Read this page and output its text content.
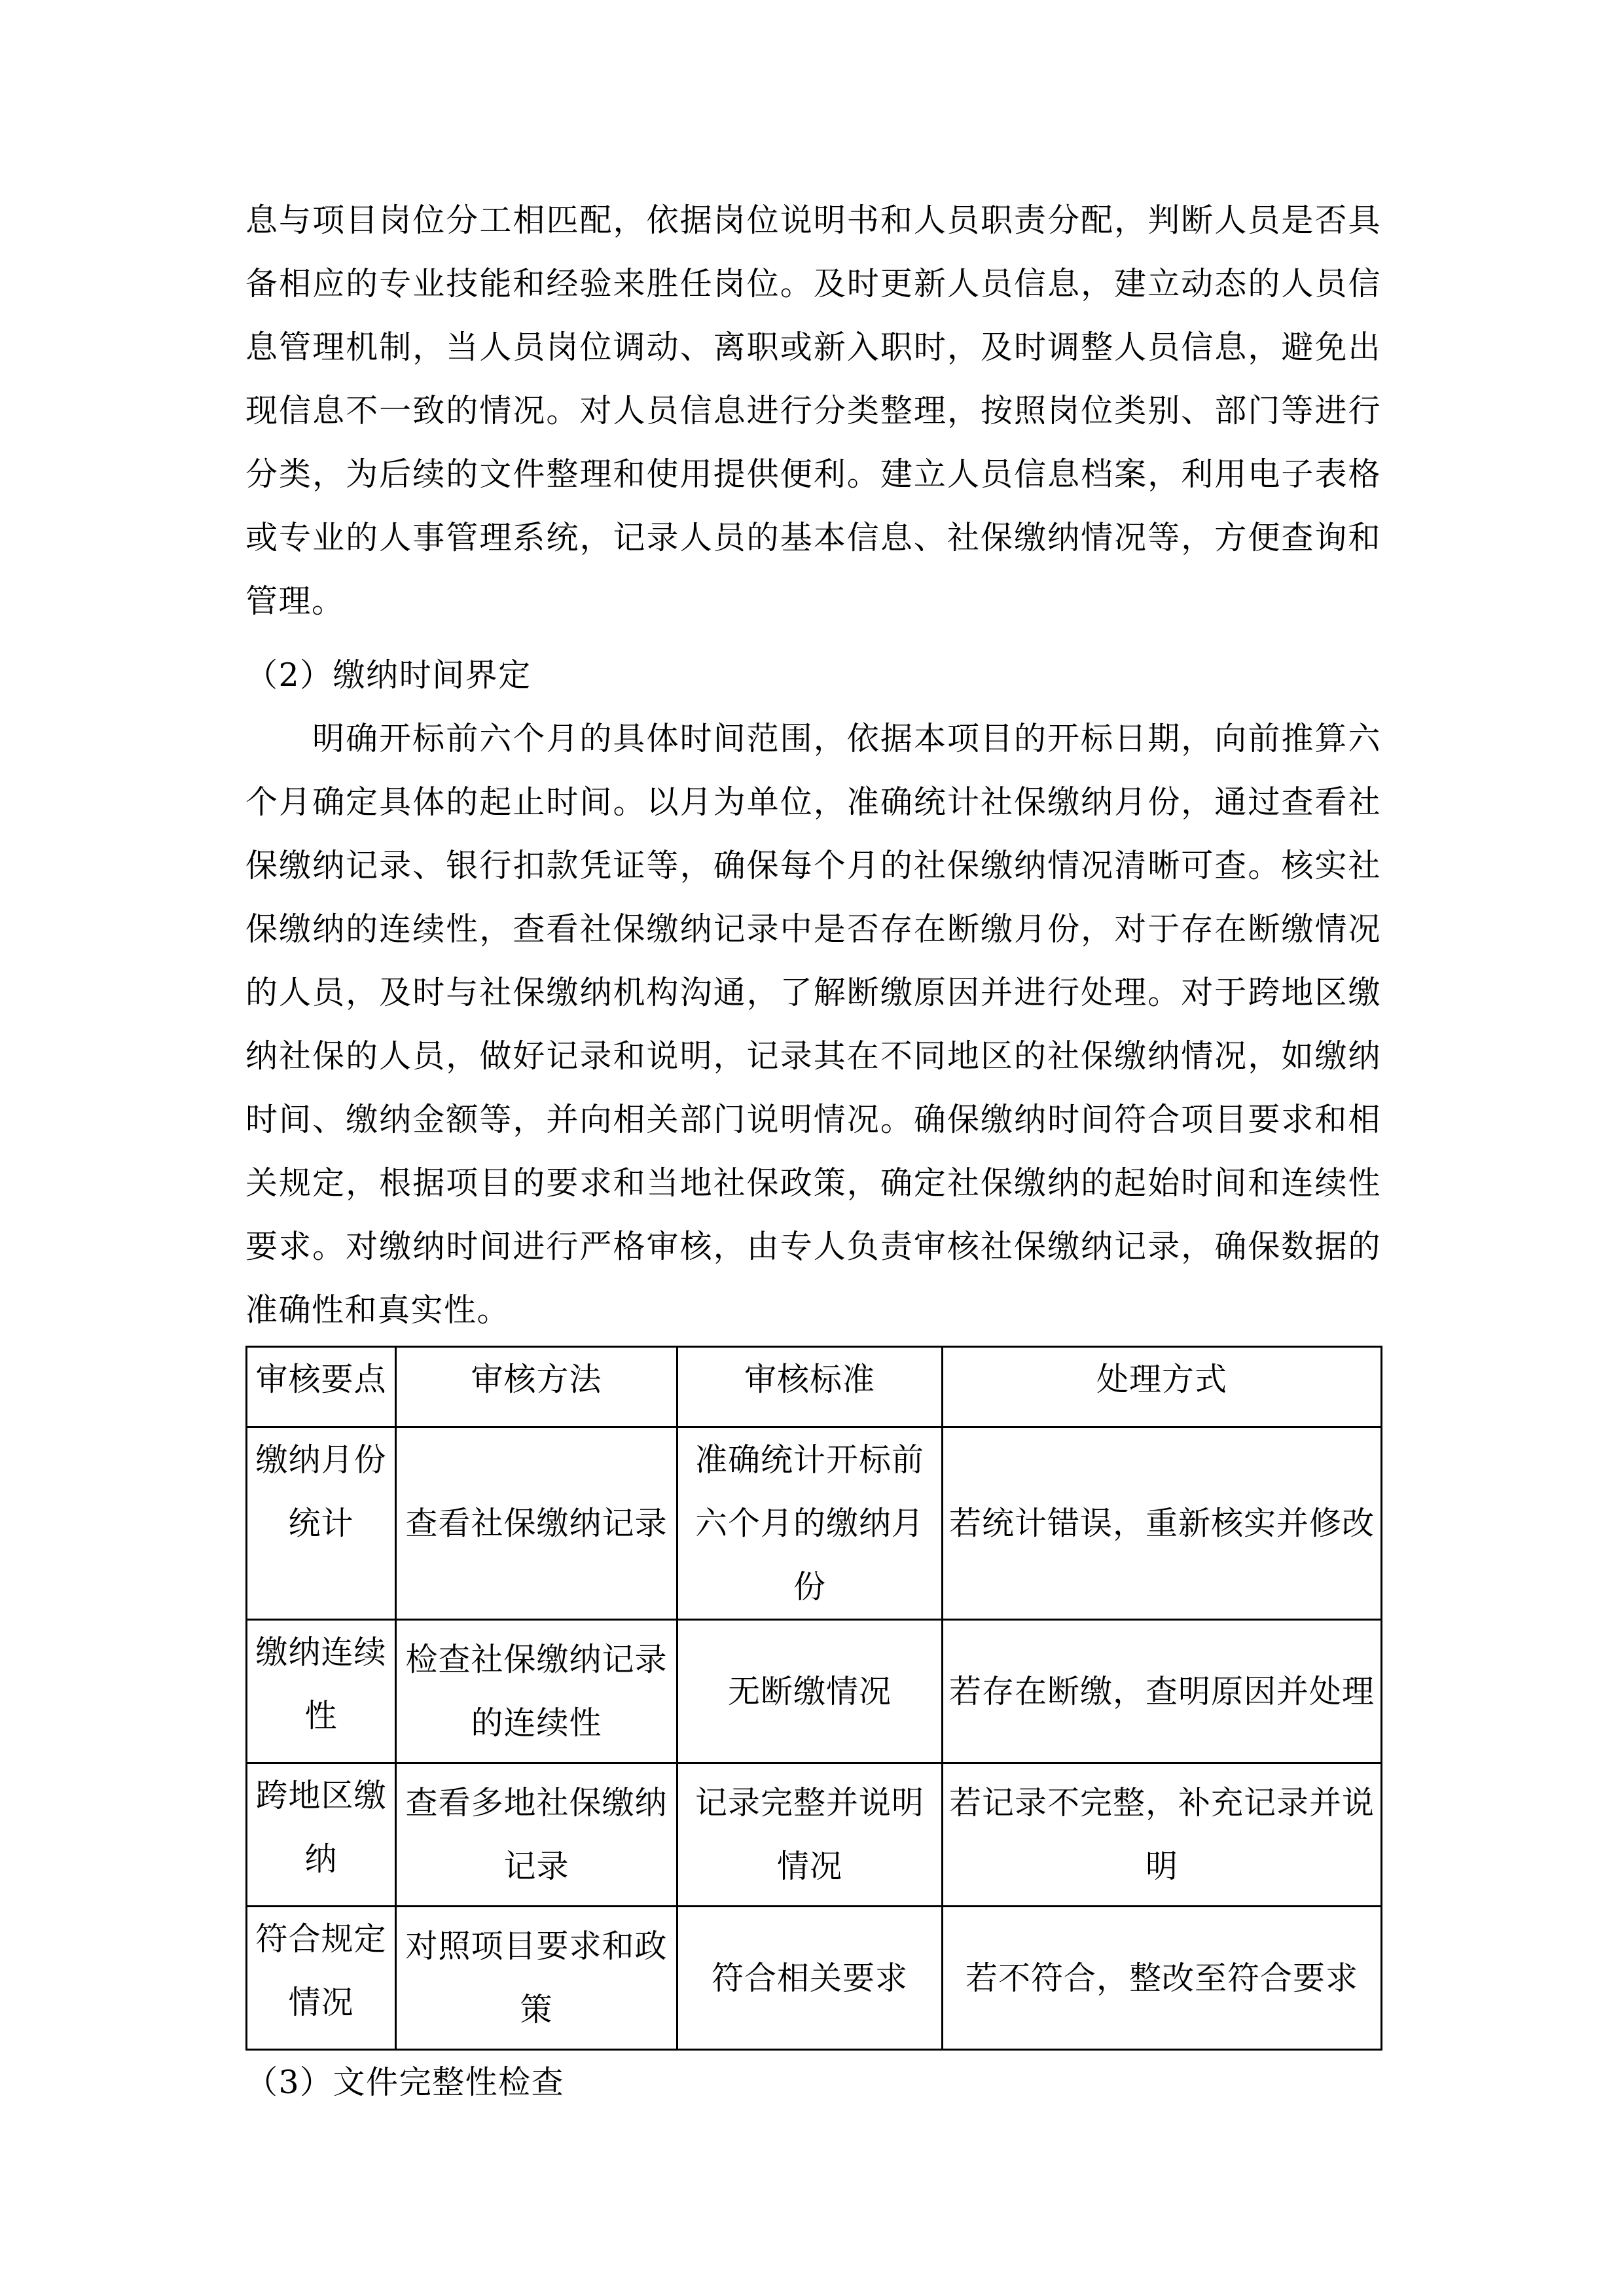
息与项目岗位分工相匹配，依据岗位说明书和人员职责分配，判断人员是否具备相应的专业技能和经验来胜任岗位。及时更新人员信息，建立动态的人员信息管理机制，当人员岗位调动、离职或新入职时，及时调整人员信息，避免出现信息不一致的情况。对人员信息进行分类整理，按照岗位类别、部门等进行分类，为后续的文件整理和使用提供便利。建立人员信息档案，利用电子表格或专业的人事管理系统，记录人员的基本信息、社保缴纳情况等，方便查询和管理。

（2）缴纳时间界定

明确开标前六个月的具体时间范围，依据本项目的开标日期，向前推算六个月确定具体的起止时间。以月为单位，准确统计社保缴纳月份，通过查看社保缴纳记录、银行扣款凭证等，确保每个月的社保缴纳情况清晰可查。核实社保缴纳的连续性，查看社保缴纳记录中是否存在断缴月份，对于存在断缴情况的人员，及时与社保缴纳机构沟通，了解断缴原因并进行处理。对于跨地区缴纳社保的人员，做好记录和说明，记录其在不同地区的社保缴纳情况，如缴纳时间、缴纳金额等，并向相关部门说明情况。确保缴纳时间符合项目要求和相关规定，根据项目的要求和当地社保政策，确定社保缴纳的起始时间和连续性要求。对缴纳时间进行严格审核，由专人负责审核社保缴纳记录，确保数据的准确性和真实性。

审核要点	审核方法	审核标准	处理方式
缴纳月份统计	查看社保缴纳记录	准确统计开标前六个月的缴纳月份	若统计错误，重新核实并修改
缴纳连续性	检查社保缴纳记录的连续性	无断缴情况	若存在断缴，查明原因并处理
跨地区缴纳	查看多地社保缴纳记录	记录完整并说明情况	若记录不完整，补充记录并说明
符合规定情况	对照项目要求和政策	符合相关要求	若不符合，整改至符合要求

（3）文件完整性检查
